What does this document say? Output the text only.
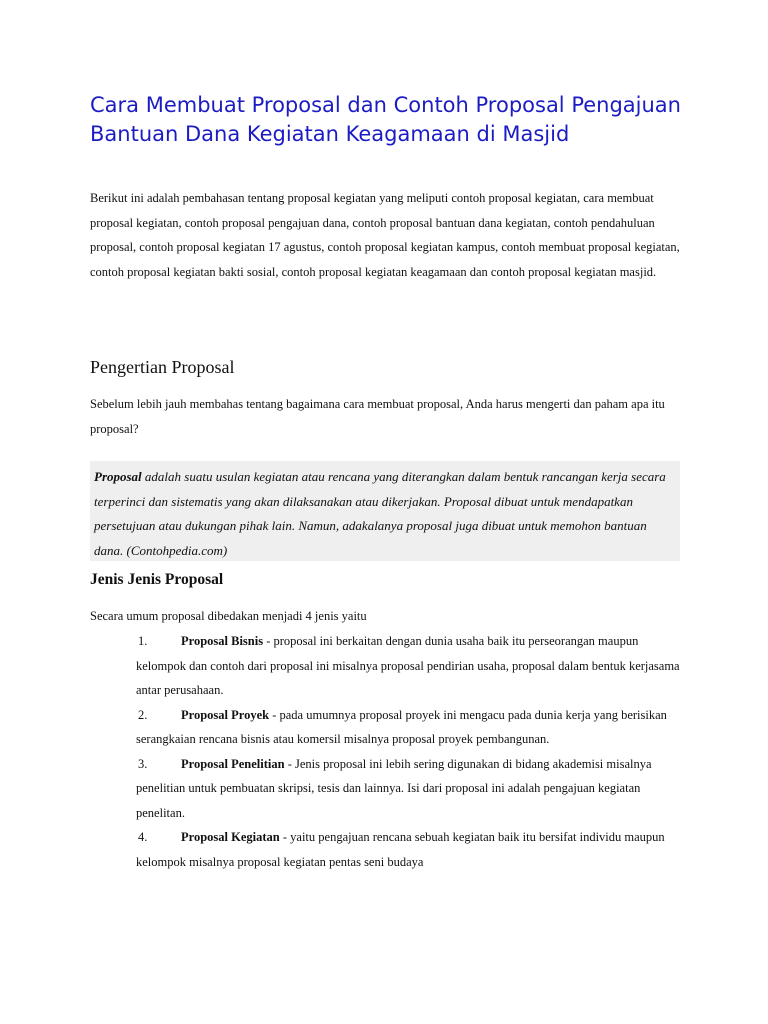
Cara Membuat Proposal dan Contoh Proposal Pengajuan Bantuan Dana Kegiatan Keagamaan di Masjid

Berikut ini adalah pembahasan tentang proposal kegiatan yang meliputi contoh proposal kegiatan, cara membuat proposal kegiatan, contoh proposal pengajuan dana, contoh proposal bantuan dana kegiatan, contoh pendahuluan proposal, contoh proposal kegiatan 17 agustus, contoh proposal kegiatan kampus, contoh membuat proposal kegiatan, contoh proposal kegiatan bakti sosial, contoh proposal kegiatan keagamaan dan contoh proposal kegiatan masjid.

Pengertian Proposal

Sebelum lebih jauh membahas tentang bagaimana cara membuat proposal, Anda harus mengerti dan paham apa itu proposal?

Proposal adalah suatu usulan kegiatan atau rencana yang diterangkan dalam bentuk rancangan kerja secara terperinci dan sistematis yang akan dilaksanakan atau dikerjakan. Proposal dibuat untuk mendapatkan persetujuan atau dukungan pihak lain. Namun, adakalanya proposal juga dibuat untuk memohon bantuan dana. (Contohpedia.com)
Jenis Jenis Proposal

Secara umum proposal dibedakan menjadi 4 jenis yaitu

1.	Proposal Bisnis - proposal ini berkaitan dengan dunia usaha baik itu perseorangan maupun kelompok dan contoh dari proposal ini misalnya proposal pendirian usaha, proposal dalam bentuk kerjasama antar perusahaan.
2.	Proposal Proyek - pada umumnya proposal proyek ini mengacu pada dunia kerja yang berisikan serangkaian rencana bisnis atau komersil misalnya proposal proyek pembangunan.
3.	Proposal Penelitian - Jenis proposal ini lebih sering digunakan di bidang akademisi misalnya penelitian untuk pembuatan skripsi, tesis dan lainnya. Isi dari proposal ini adalah pengajuan kegiatan penelitan.
4.	Proposal Kegiatan - yaitu pengajuan rencana sebuah kegiatan baik itu bersifat individu maupun kelompok misalnya proposal kegiatan pentas seni budaya
